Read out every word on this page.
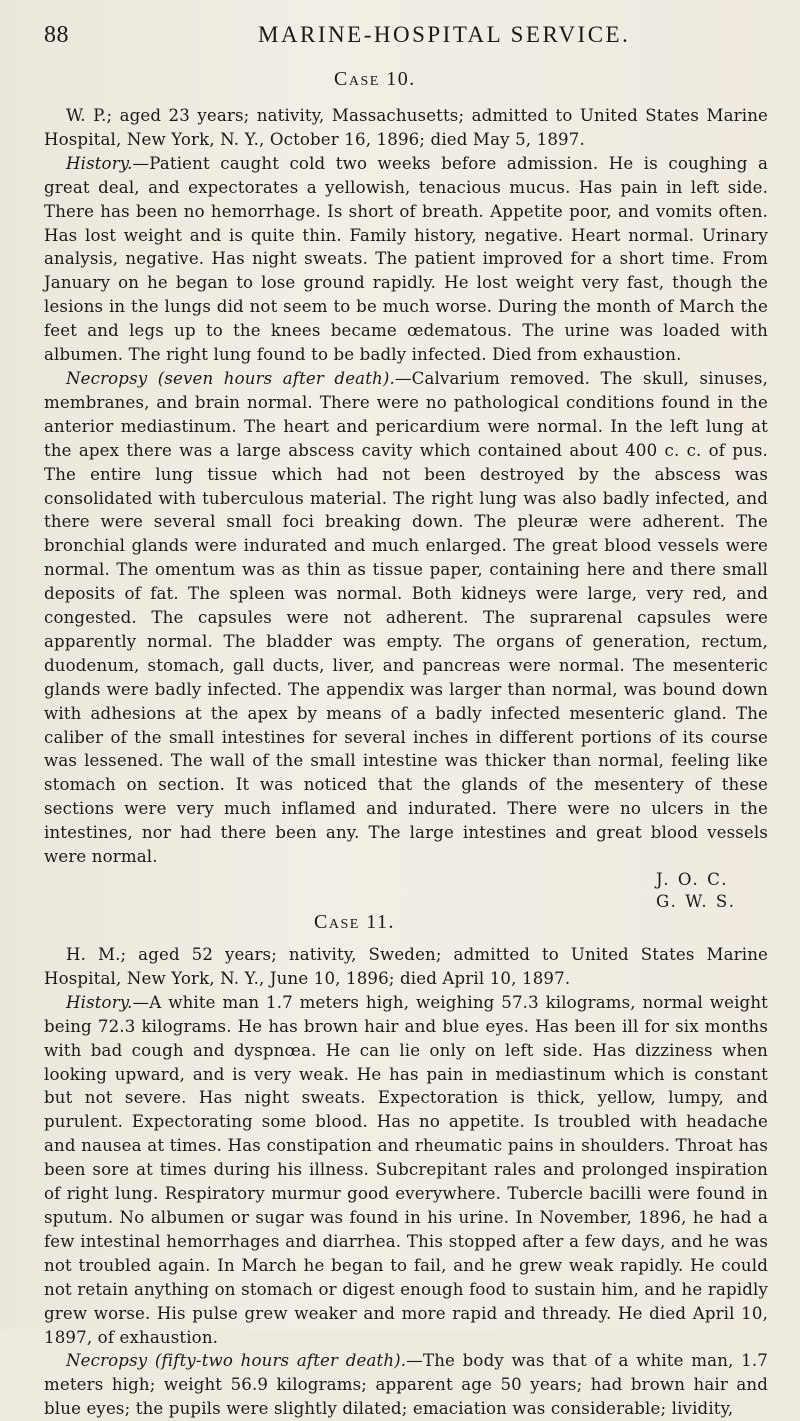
88	MARINE-HOSPITAL SERVICE.
Case 10.

W. P.; aged 23 years; nativity, Massachusetts; admitted to United States Marine Hospital, New York, N. Y., October 16, 1896; died May 5, 1897.

History.—Patient caught cold two weeks before admission. He is coughing a great deal, and expectorates a yellowish, tenacious mucus. Has pain in left side. There has been no hemorrhage. Is short of breath. Appetite poor, and vomits often. Has lost weight and is quite thin. Family history, negative. Heart normal. Urinary analysis, negative. Has night sweats. The patient improved for a short time. From January on he began to lose ground rapidly. He lost weight very fast, though the lesions in the lungs did not seem to be much worse. During the month of March the feet and legs up to the knees became œdematous. The urine was loaded with albumen. The right lung found to be badly infected. Died from exhaustion.

Necropsy (seven hours after death).—Calvarium removed. The skull, sinuses, membranes, and brain normal. There were no pathological conditions found in the anterior mediastinum. The heart and pericardium were normal. In the left lung at the apex there was a large abscess cavity which contained about 400 c. c. of pus. The entire lung tissue which had not been destroyed by the abscess was consolidated with tuberculous material. The right lung was also badly infected, and there were several small foci breaking down. The pleuræ were adherent. The bronchial glands were indurated and much enlarged. The great blood vessels were normal. The omentum was as thin as tissue paper, containing here and there small deposits of fat. The spleen was normal. Both kidneys were large, very red, and congested. The capsules were not adherent. The suprarenal capsules were apparently normal. The bladder was empty. The organs of generation, rectum, duodenum, stomach, gall ducts, liver, and pancreas were normal. The mesenteric glands were badly infected. The appendix was larger than normal, was bound down with adhesions at the apex by means of a badly infected mesenteric gland. The caliber of the small intestines for several inches in different portions of its course was lessened. The wall of the small intestine was thicker than normal, feeling like stomach on section. It was noticed that the glands of the mesentery of these sections were very much inflamed and indurated. There were no ulcers in the intestines, nor had there been any. The large intestines and great blood vessels were normal.

J. O. C.
G. W. S.
Case 11.

H. M.; aged 52 years; nativity, Sweden; admitted to United States Marine Hospital, New York, N. Y., June 10, 1896; died April 10, 1897.

History.—A white man 1.7 meters high, weighing 57.3 kilograms, normal weight being 72.3 kilograms. He has brown hair and blue eyes. Has been ill for six months with bad cough and dyspnœa. He can lie only on left side. Has dizziness when looking upward, and is very weak. He has pain in mediastinum which is constant but not severe. Has night sweats. Expectoration is thick, yellow, lumpy, and purulent. Expectorating some blood. Has no appetite. Is troubled with headache and nausea at times. Has constipation and rheumatic pains in shoulders. Throat has been sore at times during his illness. Subcrepitant rales and prolonged inspiration of right lung. Respiratory murmur good everywhere. Tubercle bacilli were found in sputum. No albumen or sugar was found in his urine. In November, 1896, he had a few intestinal hemorrhages and diarrhea. This stopped after a few days, and he was not troubled again. In March he began to fail, and he grew weak rapidly. He could not retain anything on stomach or digest enough food to sustain him, and he rapidly grew worse. His pulse grew weaker and more rapid and thready. He died April 10, 1897, of exhaustion.

Necropsy (fifty-two hours after death).—The body was that of a white man, 1.7 meters high; weight 56.9 kilograms; apparent age 50 years; had brown hair and blue eyes; the pupils were slightly dilated; emaciation was considerable; lividity,
